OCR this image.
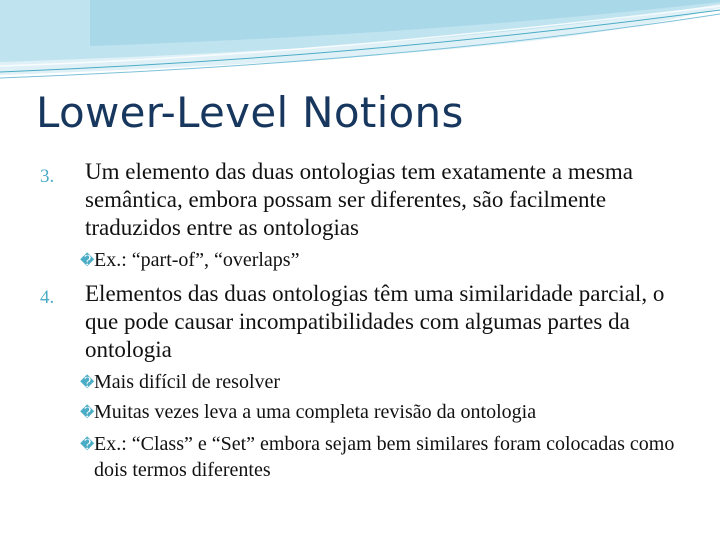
Lower-Level Notions
3. Um elemento das duas ontologias tem exatamente a mesma semântica, embora possam ser diferentes, são facilmente traduzidos entre as ontologias
�Ex.: “part-of”, “overlaps”
4. Elementos das duas ontologias têm uma similaridade parcial, o que pode causar incompatibilidades com algumas partes da ontologia
�Mais difícil de resolver
�Muitas vezes leva a uma completa revisão da ontologia
�Ex.: “Class” e “Set” embora sejam bem similares foram colocadas como dois termos diferentes
